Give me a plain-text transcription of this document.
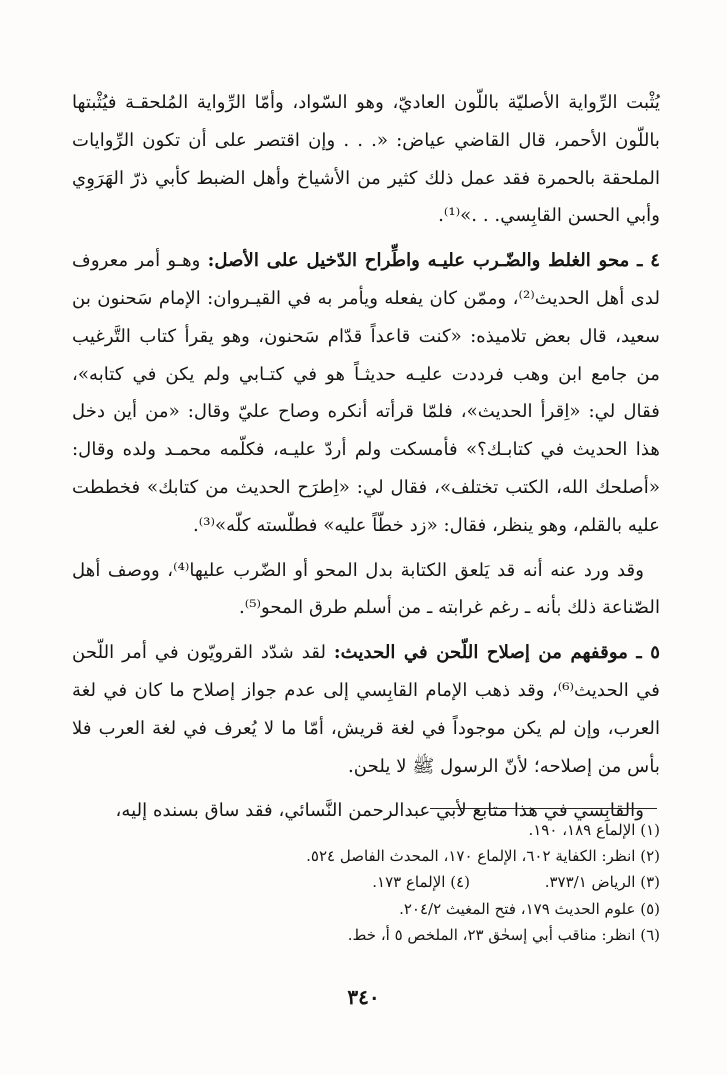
يُثْبت الرِّواية الأصليّة باللّون العاديّ، وهو السّواد، وأمّا الرِّواية المُلحقـة فيُثْبتها باللّون الأحمر، قال القاضي عياض: «. . . وإن اقتصر على أن تكون الرِّوايات الملحقة بالحمرة فقد عمل ذلك كثير من الأشياخ وأهل الضبط كأبي ذرّ الهَرَوِي وأبي الحسن القابِسي. . .»⁽¹⁾.

٤ ـ محو الغلط والضّـرب عليـه واطِّراح الدّخيل على الأصل: وهـو أمر معروف لدى أهل الحديث⁽²⁾، وممّن كان يفعله ويأمر به في القيـروان: الإمام سَحنون بن سعيد، قال بعض تلاميذه: «كنت قاعداً قدّام سَحنون، وهو يقرأ كتاب التَّرغيب من جامع ابن وهب فرددت عليـه حديثـاً هو في كتـابي ولم يكن في كتابه»، فقال لي: «اِقرأ الحديث»، فلمّا قرأته أنكره وصاح عليّ وقال: «من أين دخل هذا الحديث في كتابـك؟» فأمسكت ولم أردّ عليـه، فكلّمه محمـد ولده وقال: «أصلحك الله، الكتب تختلف»، فقال لي: «اِطرَح الحديث من كتابك» فخططت عليه بالقلم، وهو ينظر، فقال: «زد خطّاً عليه» فطلّسته كلّه»⁽³⁾.

وقد ورد عنه أنه قد يَلعق الكتابة بدل المحو أو الضّرب عليها⁽⁴⁾، ووصف أهل الصّناعة ذلك بأنه ـ رغم غرابته ـ من أسلم طرق المحو⁽⁵⁾.

٥ ـ موقفهم من إصلاح اللّحن في الحديث: لقد شدّد القرويّون في أمر اللّحن في الحديث⁽⁶⁾، وقد ذهب الإمام القابِسي إلى عدم جواز إصلاح ما كان في لغة العرب، وإن لم يكن موجوداً في لغة قريش، أمّا ما لا يُعرف في لغة العرب فلا بأس من إصلاحه؛ لأنّ الرسول ﷺ لا يلحن.

والقابِسي في هذا متابع لأبي عبدالرحمن النَّسائي، فقد ساق بسنده إليه،

(١) الإلماع ١٨٩، ١٩٠.
(٢) انظر: الكفاية ٦٠٢، الإلماع ١٧٠، المحدث الفاصل ٥٢٤.
(٣) الرياض ٣٧٣/١.
(٤) الإلماع ١٧٣.
(٥) علوم الحديث ١٧٩، فتح المغيث ٢٠٤/٢.
(٦) انظر: مناقب أبي إسحٰق ٢٣، الملخص ٥ أ، خط.
٣٤٠
